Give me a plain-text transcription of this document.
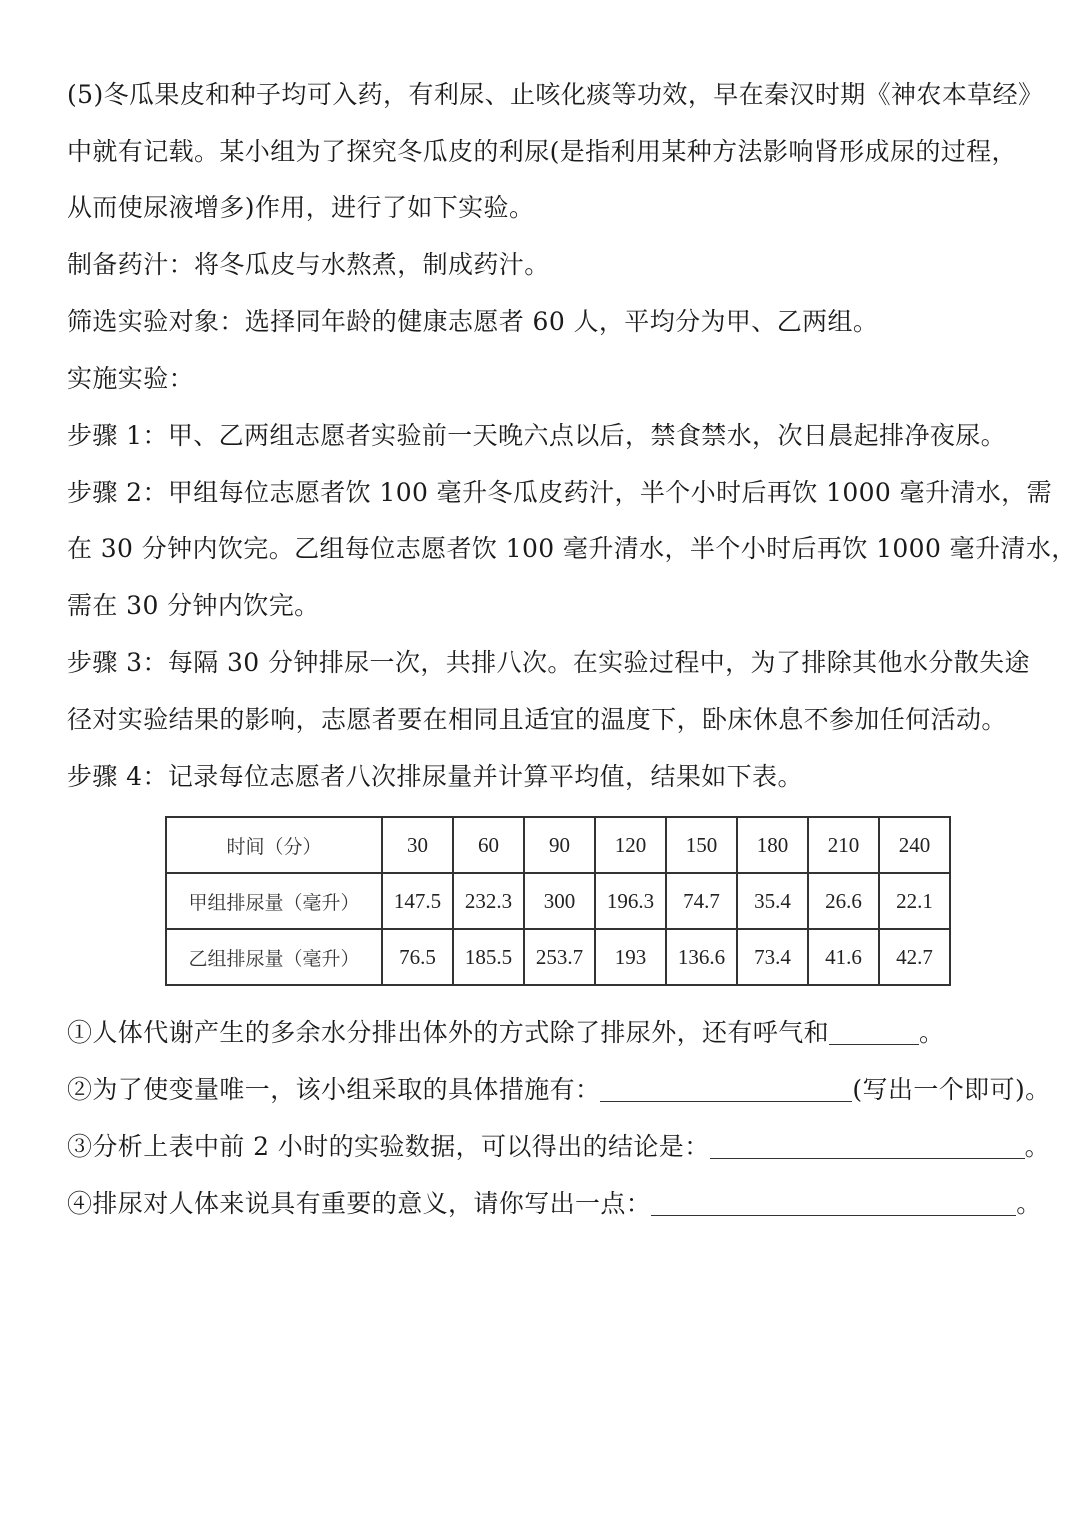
(5)冬瓜果皮和种子均可入药，有利尿、止咳化痰等功效，早在秦汉时期《神农本草经》
中就有记载。某小组为了探究冬瓜皮的利尿(是指利用某种方法影响肾形成尿的过程，
从而使尿液增多)作用，进行了如下实验。
制备药汁：将冬瓜皮与水熬煮，制成药汁。
筛选实验对象：选择同年龄的健康志愿者 60 人，平均分为甲、乙两组。
实施实验：
步骤 1：甲、乙两组志愿者实验前一天晚六点以后，禁食禁水，次日晨起排净夜尿。
步骤 2：甲组每位志愿者饮 100 毫升冬瓜皮药汁，半个小时后再饮 1000 毫升清水，需
在 30 分钟内饮完。乙组每位志愿者饮 100 毫升清水，半个小时后再饮 1000 毫升清水，
需在 30 分钟内饮完。
步骤 3：每隔 30 分钟排尿一次，共排八次。在实验过程中，为了排除其他水分散失途
径对实验结果的影响，志愿者要在相同且适宜的温度下，卧床休息不参加任何活动。
步骤 4：记录每位志愿者八次排尿量并计算平均值，结果如下表。
时间（分）	30	60	90	120	150	180	210	240
甲组排尿量（毫升）	147.5	232.3	300	196.3	74.7	35.4	26.6	22.1
乙组排尿量（毫升）	76.5	185.5	253.7	193	136.6	73.4	41.6	42.7
①人体代谢产生的多余水分排出体外的方式除了排尿外，还有呼气和	。
②为了使变量唯一，该小组采取的具体措施有：	(写出一个即可)。
③分析上表中前 2 小时的实验数据，可以得出的结论是：	。
④排尿对人体来说具有重要的意义，请你写出一点：	。
